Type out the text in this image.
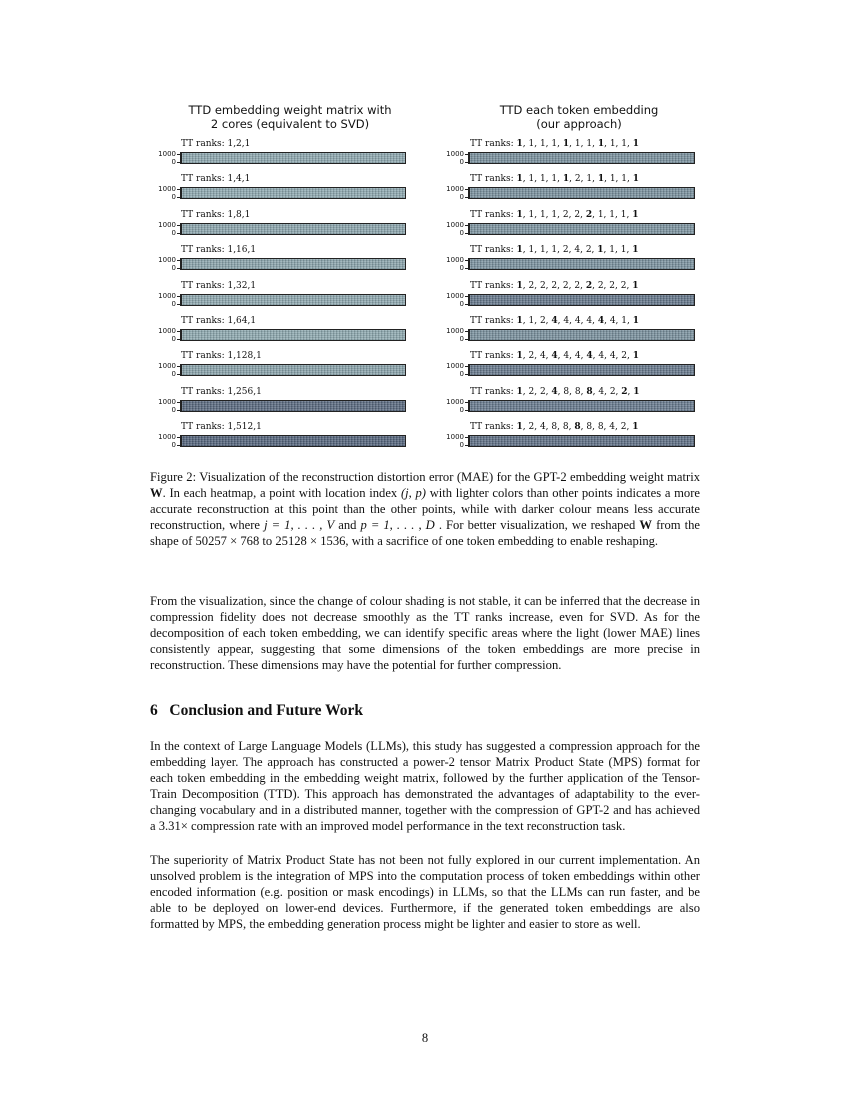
TTD embedding weight matrix with
2 cores (equivalent to SVD)
TTD each token embedding
(our approach)
TT ranks: 1,2,1
1000
0
TT ranks: 1,4,1
1000
0
TT ranks: 1,8,1
1000
0
TT ranks: 1,16,1
1000
0
TT ranks: 1,32,1
1000
0
TT ranks: 1,64,1
1000
0
TT ranks: 1,128,1
1000
0
TT ranks: 1,256,1
1000
0
TT ranks: 1,512,1
1000
0
TT ranks: 1, 1, 1, 1, 1, 1, 1, 1, 1, 1, 1
1000
0
TT ranks: 1, 1, 1, 1, 1, 2, 1, 1, 1, 1, 1
1000
0
TT ranks: 1, 1, 1, 1, 2, 2, 2, 1, 1, 1, 1
1000
0
TT ranks: 1, 1, 1, 1, 2, 4, 2, 1, 1, 1, 1
1000
0
TT ranks: 1, 2, 2, 2, 2, 2, 2, 2, 2, 2, 1
1000
0
TT ranks: 1, 1, 2, 4, 4, 4, 4, 4, 4, 1, 1
1000
0
TT ranks: 1, 2, 4, 4, 4, 4, 4, 4, 4, 2, 1
1000
0
TT ranks: 1, 2, 2, 4, 8, 8, 8, 4, 2, 2, 1
1000
0
TT ranks: 1, 2, 4, 8, 8, 8, 8, 8, 4, 2, 1
1000
0
Figure 2: Visualization of the reconstruction distortion error (MAE) for the GPT-2 embedding weight matrix W. In each heatmap, a point with location index (j, p) with lighter colors than other points indicates a more accurate reconstruction at this point than the other points, while with darker colour means less accurate reconstruction, where j = 1, . . . , V and p = 1, . . . , D . For better visualization, we reshaped W from the shape of 50257 × 768 to 25128 × 1536, with a sacrifice of one token embedding to enable reshaping.

From the visualization, since the change of colour shading is not stable, it can be inferred that the decrease in compression fidelity does not decrease smoothly as the TT ranks increase, even for SVD. As for the decomposition of each token embedding, we can identify specific areas where the light (lower MAE) lines consistently appear, suggesting that some dimensions of the token embeddings are more precise in reconstruction. These dimensions may have the potential for further compression.

6 Conclusion and Future Work

In the context of Large Language Models (LLMs), this study has suggested a compression approach for the embedding layer. The approach has constructed a power-2 tensor Matrix Product State (MPS) format for each token embedding in the embedding weight matrix, followed by the further application of the Tensor-Train Decomposition (TTD). This approach has demonstrated the advantages of adaptability to the ever-changing vocabulary and in a distributed manner, together with the compression of GPT-2 and has achieved a 3.31× compression rate with an improved model performance in the text reconstruction task.

The superiority of Matrix Product State has not been not fully explored in our current implementation. An unsolved problem is the integration of MPS into the computation process of token embeddings within other encoded information (e.g. position or mask encodings) in LLMs, so that the LLMs can run faster, and be able to be deployed on lower-end devices. Furthermore, if the generated token embeddings are also formatted by MPS, the embedding generation process might be lighter and easier to store as well.

8
